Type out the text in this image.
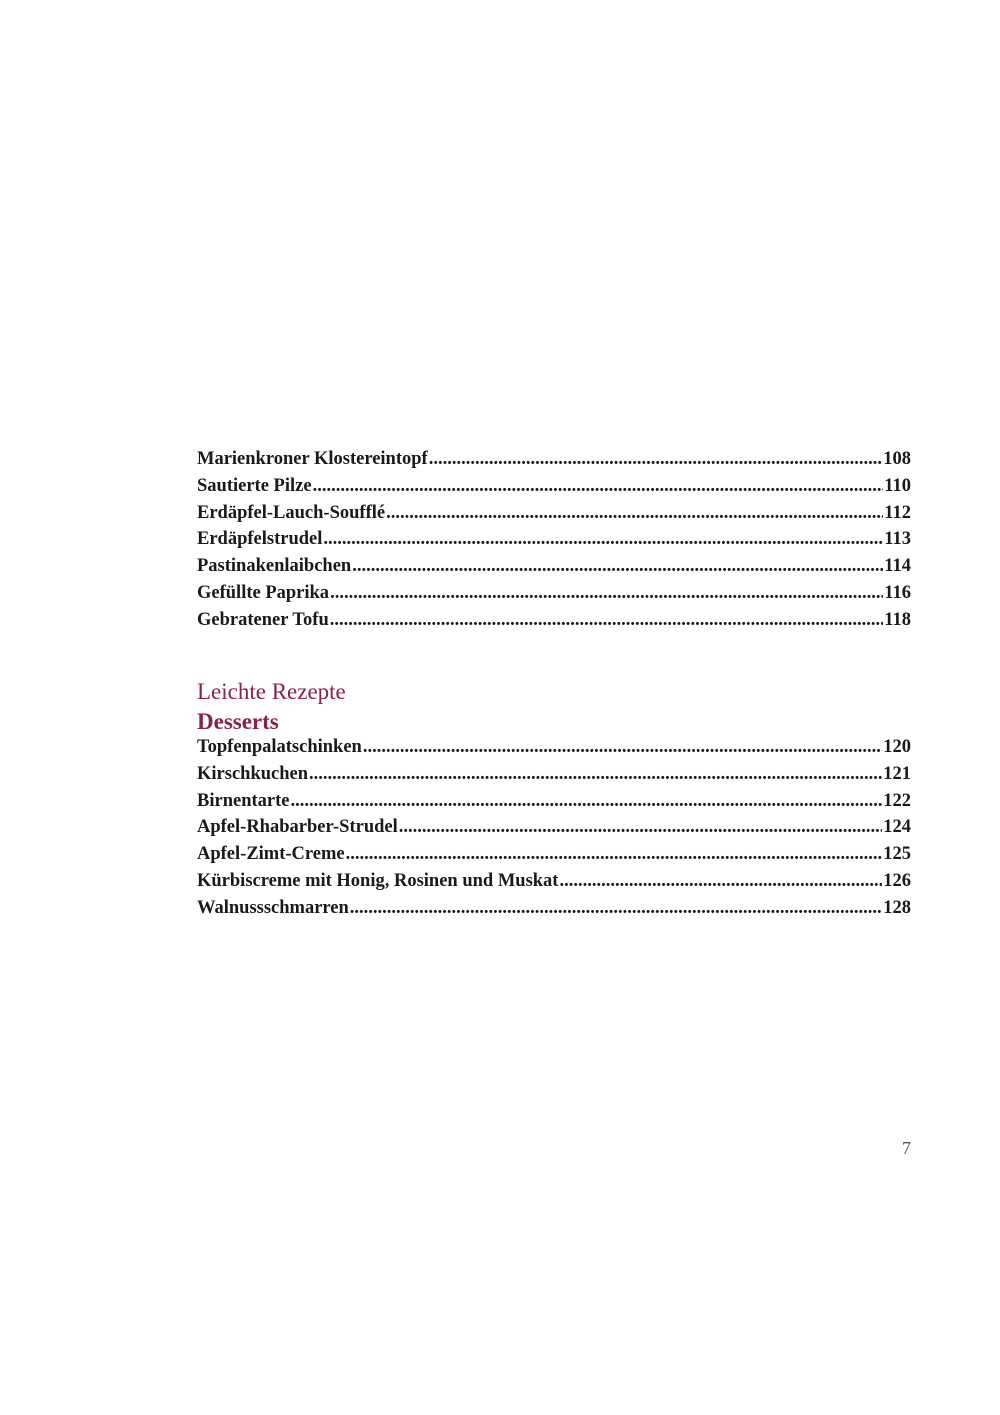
Marienkroner Klostereintopf .....	108
Sautierte Pilze .....	110
Erdäpfel-Lauch-Soufflé .....	112
Erdäpfelstrudel .....	113
Pastinakenlaibchen .....	114
Gefüllte Paprika .....	116
Gebratener Tofu .....	118
Leichte Rezepte
Desserts
Topfenpalatschinken .....	120
Kirschkuchen .....	121
Birnentarte .....	122
Apfel-Rhabarber-Strudel .....	124
Apfel-Zimt-Creme .....	125
Kürbiscreme mit Honig, Rosinen und Muskat .....	126
Walnussschmarren .....	128
7
